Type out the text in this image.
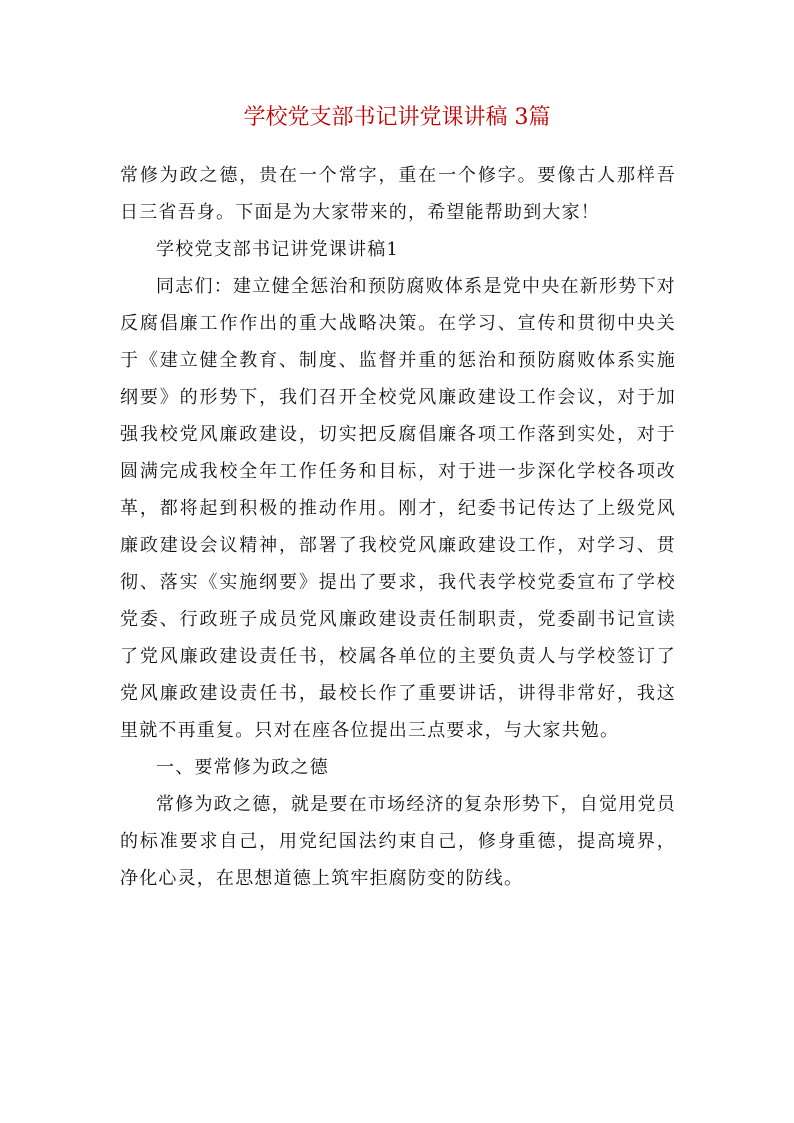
学校党支部书记讲党课讲稿 3篇

常修为政之德，贵在一个常字，重在一个修字。要像古人那样吾日三省吾身。下面是为大家带来的，希望能帮助到大家！

学校党支部书记讲党课讲稿1

同志们：建立健全惩治和预防腐败体系是党中央在新形势下对反腐倡廉工作作出的重大战略决策。在学习、宣传和贯彻中央关于《建立健全教育、制度、监督并重的惩治和预防腐败体系实施纲要》的形势下，我们召开全校党风廉政建设工作会议，对于加强我校党风廉政建设，切实把反腐倡廉各项工作落到实处，对于圆满完成我校全年工作任务和目标，对于进一步深化学校各项改革，都将起到积极的推动作用。刚才，纪委书记传达了上级党风廉政建设会议精神，部署了我校党风廉政建设工作，对学习、贯彻、落实《实施纲要》提出了要求，我代表学校党委宣布了学校党委、行政班子成员党风廉政建设责任制职责，党委副书记宣读了党风廉政建设责任书，校属各单位的主要负责人与学校签订了党风廉政建设责任书，最校长作了重要讲话，讲得非常好，我这里就不再重复。只对在座各位提出三点要求，与大家共勉。

一、要常修为政之德

常修为政之德，就是要在市场经济的复杂形势下，自觉用党员的标准要求自己，用党纪国法约束自己，修身重德，提高境界，净化心灵，在思想道德上筑牢拒腐防变的防线。
